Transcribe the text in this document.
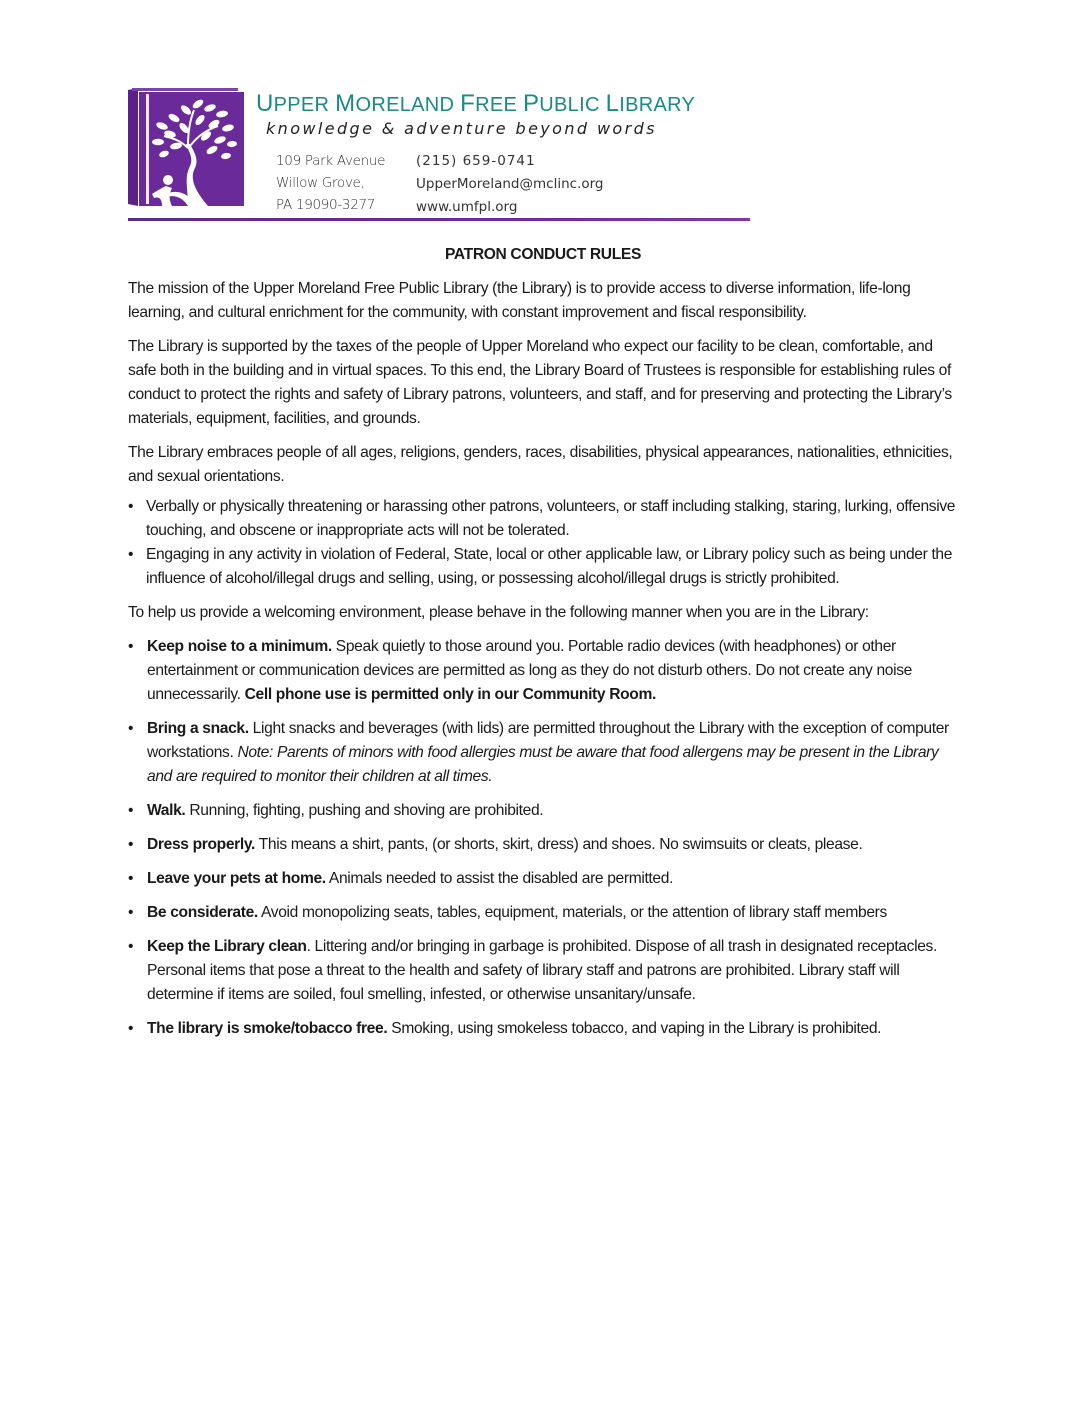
UPPER MORELAND FREE PUBLIC LIBRARY
knowledge & adventure beyond words
109 Park Avenue
Willow Grove,
PA 19090-3277
(215) 659-0741
UpperMoreland@mclinc.org
www.umfpl.org
PATRON CONDUCT RULES

The mission of the Upper Moreland Free Public Library (the Library) is to provide access to diverse information, life-long learning, and cultural enrichment for the community, with constant improvement and fiscal responsibility.

The Library is supported by the taxes of the people of Upper Moreland who expect our facility to be clean, comfortable, and safe both in the building and in virtual spaces. To this end, the Library Board of Trustees is responsible for establishing rules of conduct to protect the rights and safety of Library patrons, volunteers, and staff, and for preserving and protecting the Library’s materials, equipment, facilities, and grounds.

The Library embraces people of all ages, religions, genders, races, disabilities, physical appearances, nationalities, ethnicities, and sexual orientations.

• Verbally or physically threatening or harassing other patrons, volunteers, or staff including stalking, staring, lurking, offensive touching, and obscene or inappropriate acts will not be tolerated.
• Engaging in any activity in violation of Federal, State, local or other applicable law, or Library policy such as being under the influence of alcohol/illegal drugs and selling, using, or possessing alcohol/illegal drugs is strictly prohibited.

To help us provide a welcoming environment, please behave in the following manner when you are in the Library:

• Keep noise to a minimum. Speak quietly to those around you. Portable radio devices (with headphones) or other entertainment or communication devices are permitted as long as they do not disturb others. Do not create any noise unnecessarily. Cell phone use is permitted only in our Community Room.
• Bring a snack. Light snacks and beverages (with lids) are permitted throughout the Library with the exception of computer workstations. Note: Parents of minors with food allergies must be aware that food allergens may be present in the Library and are required to monitor their children at all times.
• Walk. Running, fighting, pushing and shoving are prohibited.
• Dress properly. This means a shirt, pants, (or shorts, skirt, dress) and shoes. No swimsuits or cleats, please.
• Leave your pets at home. Animals needed to assist the disabled are permitted.
• Be considerate. Avoid monopolizing seats, tables, equipment, materials, or the attention of library staff members
• Keep the Library clean. Littering and/or bringing in garbage is prohibited. Dispose of all trash in designated receptacles. Personal items that pose a threat to the health and safety of library staff and patrons are prohibited. Library staff will determine if items are soiled, foul smelling, infested, or otherwise unsanitary/unsafe.
• The library is smoke/tobacco free. Smoking, using smokeless tobacco, and vaping in the Library is prohibited.
